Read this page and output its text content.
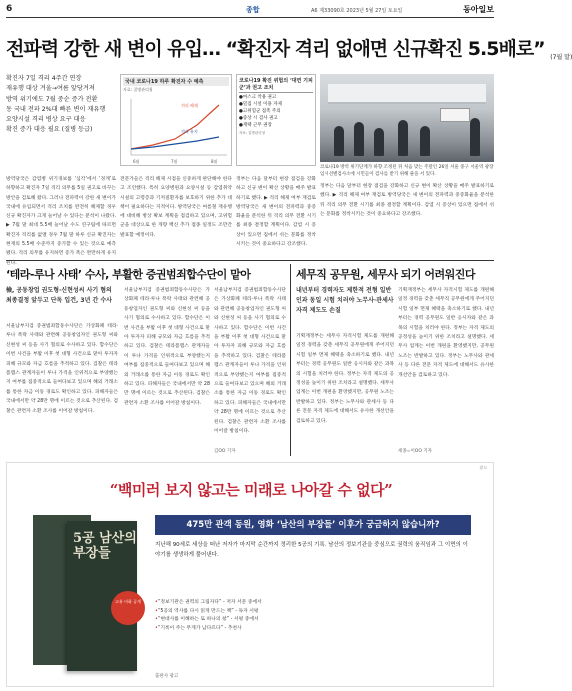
6	종합	A6 제33090호 2023년 5월 27일 토요일	동아일보
전파력 강한 새 변이 유입… “확진자 격리 없애면 신규확진 5.5배로” (7월 말)
확진자 7일 격리 4주간 연장
재유행 대상 겨울→여름 앞당겨져
방역 위기에도 7월 중순 증가 전환
동 국내 전파 2%대 빠른 변이 재유행
요양시설 격리 병상 요구 대응
확진 증가 대응 필요 (질병 등급)
국내 코로나19 하루 확진자 수 예측
자료: 질병관리청
6월	7월	8월
격리 해제
격리 유지
코로나19 확진 위험의 ‘대면 기피군’과 권고 조치
●마스크 착용 권고
●밀집 시설 이용 자제
●고위험군 접촉 주의
●증상 시 검사 권고
●재택 근무 권장
자료: 질병관리청
코로나19 방역 위기단계가 하향 조정된 뒤 처음 맞는 주말인 26일 서울 중구 서울역 광장 임시선별검사소에 시민들이 검사를 받기 위해 줄을 서 있다.
방역당국은 감염병 위기경보를 ‘심각’에서 ‘경계’로 하향하고 확진자 7일 격리 의무를 5일 권고로 바꾸는 방안을 검토해 왔다. 그러나 전파력이 강한 새 변이가 국내에 유입되면서 격리 조치를 완전히 해제할 경우 신규 확진자가 크게 늘어날 수 있다는 분석이 나왔다. ▶ 7월 말 최대 5.5배 늘어날 수도 연구팀에 따르면 확진자 격리를 없앨 경우 7월 말 하루 신규 확진자는 현재의 5.5배 수준까지 증가할 수 있는 것으로 예측됐다. 격리 의무를 유지하면 증가 폭은 완만하게 유지된다.
전문가들은 격리 해제 시점을 신중하게 판단해야 한다고 조언했다. 특히 요양병원과 요양시설 등 감염취약시설의 고령층과 기저질환자를 보호하기 위한 추가 대책이 필요하다는 지적이다. 방역당국은 여름철 재유행에 대비해 병상 확보 계획을 점검하고 있으며, 고위험군을 대상으로 한 개량 백신 추가 접종 일정도 조만간 발표할 예정이다.
정부는 다음 달부터 현장 점검을 강화하고 신규 변이 확산 상황을 매주 발표하기로 했다. ▶ 격리 해제 여부 재검토 방역당국은 새 변이의 전파력과 중증화율을 분석한 뒤 격리 의무 전환 시기를 최종 결정할 계획이다. 감염 시 증상이 있으면 집에서 쉬는 문화를 정착시키는 것이 중요하다고 강조했다.
정부는 다음 달부터 현장 점검을 강화하고 신규 변이 확산 상황을 매주 발표하기로 했다. ▶ 격리 해제 여부 재검토 방역당국은 새 변이의 전파력과 중증화율을 분석한 뒤 격리 의무 전환 시기를 최종 결정할 계획이다. 감염 시 증상이 있으면 집에서 쉬는 문화를 정착시키는 것이 중요하다고 강조했다.
‘테라-루나 사태’ 수사, 부활한 증권범죄합수단이 맡아
檢, 공동창업 권도형·신현성씨 사기 혐의 최종결정 앞두고 단독 입건, 3년 간 수사
서울남부지검 증권범죄합동수사단은 가상화폐 테라·루나 폭락 사태와 관련해 공동창업자인 권도형 씨와 신현성 씨 등을 사기 혐의로 수사하고 있다. 합수단은 이번 사건을 부활 이후 첫 대형 사건으로 맡아 투자자 피해 규모와 자금 흐름을 추적하고 있다. 검찰은 테라폼랩스 관계자들이 루나 가격을 인위적으로 부양했는지 여부를 집중적으로 들여다보고 있으며 해외 거래소를 통한 자금 이동 경로도 확인하고 있다. 피해자들은 국내에서만 약 28만 명에 이르는 것으로 추산된다. 검찰은 관련자 소환 조사를 이어갈 방침이다.
서울남부지검 증권범죄합동수사단은 가상화폐 테라·루나 폭락 사태와 관련해 공동창업자인 권도형 씨와 신현성 씨 등을 사기 혐의로 수사하고 있다. 합수단은 이번 사건을 부활 이후 첫 대형 사건으로 맡아 투자자 피해 규모와 자금 흐름을 추적하고 있다. 검찰은 테라폼랩스 관계자들이 루나 가격을 인위적으로 부양했는지 여부를 집중적으로 들여다보고 있으며 해외 거래소를 통한 자금 이동 경로도 확인하고 있다. 피해자들은 국내에서만 약 28만 명에 이르는 것으로 추산된다. 검찰은 관련자 소환 조사를 이어갈 방침이다.
서울남부지검 증권범죄합동수사단은 가상화폐 테라·루나 폭락 사태와 관련해 공동창업자인 권도형 씨와 신현성 씨 등을 사기 혐의로 수사하고 있다. 합수단은 이번 사건을 부활 이후 첫 대형 사건으로 맡아 투자자 피해 규모와 자금 흐름을 추적하고 있다. 검찰은 테라폼랩스 관계자들이 루나 가격을 인위적으로 부양했는지 여부를 집중적으로 들여다보고 있으며 해외 거래소를 통한 자금 이동 경로도 확인하고 있다. 피해자들은 국내에서만 약 28만 명에 이르는 것으로 추산된다. 검찰은 관련자 소환 조사를 이어갈 방침이다.
김OO 기자
세무직 공무원, 세무사 되기 어려워진다
내년부터 경력자도 제한적 전형 일반인과 동일 시험 치러야 노무사·관세사 자격 제도도 손질
기획재정부는 세무사 자격시험 제도를 개편해 일정 경력을 갖춘 세무직 공무원에게 주어지던 시험 일부 면제 혜택을 축소하기로 했다. 내년부터는 경력 공무원도 일반 응시자와 같은 과목의 시험을 치러야 한다. 정부는 자격 제도의 공정성을 높이기 위한 조치라고 설명했다. 세무사 업계는 이번 개편을 환영했지만, 공무원 노조는 반발하고 있다. 정부는 노무사와 관세사 등 다른 전문 자격 제도에 대해서도 유사한 개선안을 검토하고 있다.
기획재정부는 세무사 자격시험 제도를 개편해 일정 경력을 갖춘 세무직 공무원에게 주어지던 시험 일부 면제 혜택을 축소하기로 했다. 내년부터는 경력 공무원도 일반 응시자와 같은 과목의 시험을 치러야 한다. 정부는 자격 제도의 공정성을 높이기 위한 조치라고 설명했다. 세무사 업계는 이번 개편을 환영했지만, 공무원 노조는 반발하고 있다. 정부는 노무사와 관세사 등 다른 전문 자격 제도에 대해서도 유사한 개선안을 검토하고 있다.
세종=이OO 기자
광고
“백미러 보지 않고는 미래로 나아갈 수 없다”
5공 남산의 부장들
고유 비화 공개
475만 관객 동원, 영화 ‘남산의 부장들’ 이후가 궁금하지 않습니까?
지난해 90세로 세상을 떠난 저자가 마지막 순간까지 정리한 5공의 기록. 남산의 정보기관을 중심으로 권력의 움직임과 그 이면의 이야기를 생생하게 풀어낸다.
• “정보기관은 권력의 그림자다” - 저자 서문 중에서
• “5공의 역사를 다시 읽게 만드는 책” - 독자 서평
• “현대사를 이해하는 또 하나의 창” - 서평 중에서
• “기록이 주는 무게가 남다르다” - 추천사
출판사 광고
